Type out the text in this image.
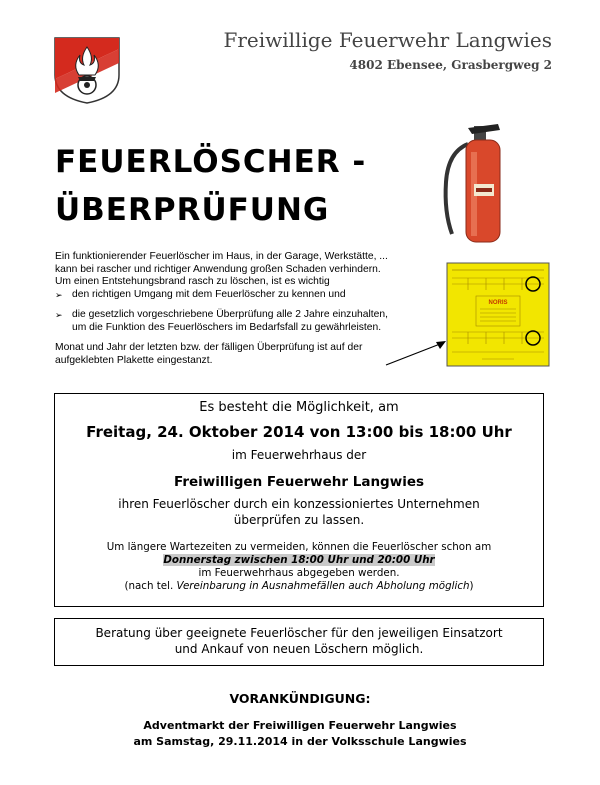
Freiwillige Feuerwehr Langwies
4802 Ebensee, Grasbergweg 2
FEUERLÖSCHER -
ÜBERPRÜFUNG

Ein funktionierender Feuerlöscher im Haus, in der Garage, Werkstätte, ...

kann bei rascher und richtiger Anwendung großen Schaden verhindern.

Um einen Entstehungsbrand rasch zu löschen, ist es wichtig

➢ den richtigen Umgang mit dem Feuerlöscher zu kennen und
➢ die gesetzlich vorgeschriebene Überprüfung alle 2 Jahre einzuhalten,
um die Funktion des Feuerlöschers im Bedarfsfall zu gewährleisten.

Monat und Jahr der letzten bzw. der fälligen Überprüfung ist auf der

aufgeklebten Plakette eingestanzt.

NORIS
Es besteht die Möglichkeit, am
Freitag, 24. Oktober 2014 von 13:00 bis 18:00 Uhr
im Feuerwehrhaus der
Freiwilligen Feuerwehr Langwies
ihren Feuerlöscher durch ein konzessioniertes Unternehmen
überprüfen zu lassen.
Um längere Wartezeiten zu vermeiden, können die Feuerlöscher schon am
Donnerstag zwischen 18:00 Uhr und 20:00 Uhr
im Feuerwehrhaus abgegeben werden.
(nach tel. Vereinbarung in Ausnahmefällen auch Abholung möglich)
Beratung über geeignete Feuerlöscher für den jeweiligen Einsatzort
und Ankauf von neuen Löschern möglich.
VORANKÜNDIGUNG:
Adventmarkt der Freiwilligen Feuerwehr Langwies
am Samstag, 29.11.2014 in der Volksschule Langwies
